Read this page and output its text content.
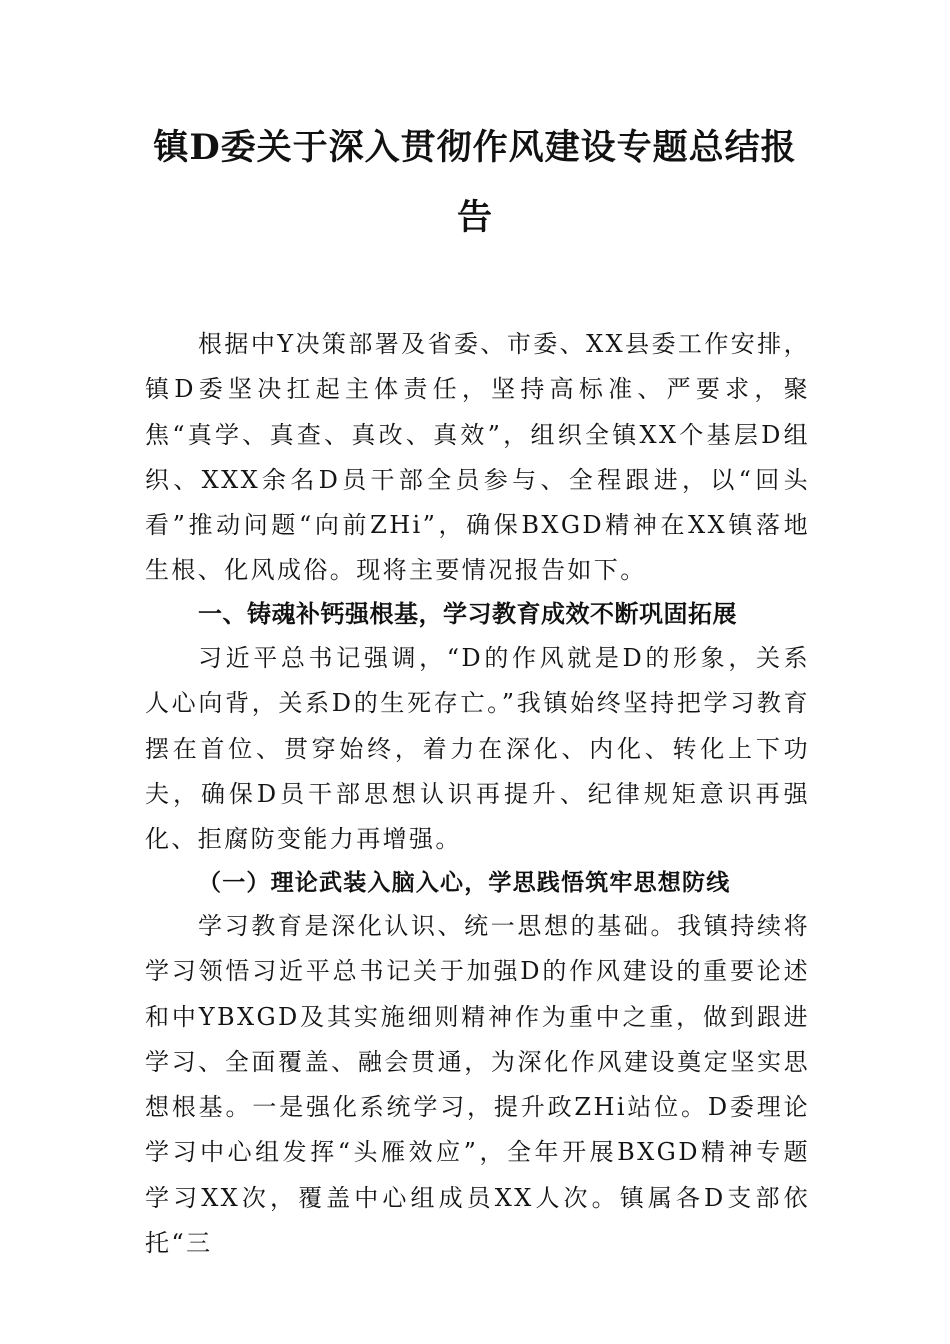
镇D委关于深入贯彻作风建设专题总结报
告

根据中Y决策部署及省委、市委、XX县委工作安排，镇D委坚决扛起主体责任，坚持高标准、严要求，聚焦“真学、真查、真改、真效”，组织全镇XX个基层D组织、XXX余名D员干部全员参与、全程跟进，以“回头看”推动问题“向前ZHi”，确保BXGD精神在XX镇落地生根、化风成俗。现将主要情况报告如下。

一、铸魂补钙强根基，学习教育成效不断巩固拓展

习近平总书记强调，“D的作风就是D的形象，关系人心向背，关系D的生死存亡。”我镇始终坚持把学习教育摆在首位、贯穿始终，着力在深化、内化、转化上下功夫，确保D员干部思想认识再提升、纪律规矩意识再强化、拒腐防变能力再增强。

（一）理论武装入脑入心，学思践悟筑牢思想防线

学习教育是深化认识、统一思想的基础。我镇持续将学习领悟习近平总书记关于加强D的作风建设的重要论述和中YBXGD及其实施细则精神作为重中之重，做到跟进学习、全面覆盖、融会贯通，为深化作风建设奠定坚实思想根基。一是强化系统学习，提升政ZHi站位。D委理论学习中心组发挥“头雁效应”，全年开展BXGD精神专题学习XX次，覆盖中心组成员XX人次。镇属各D支部依托“三
